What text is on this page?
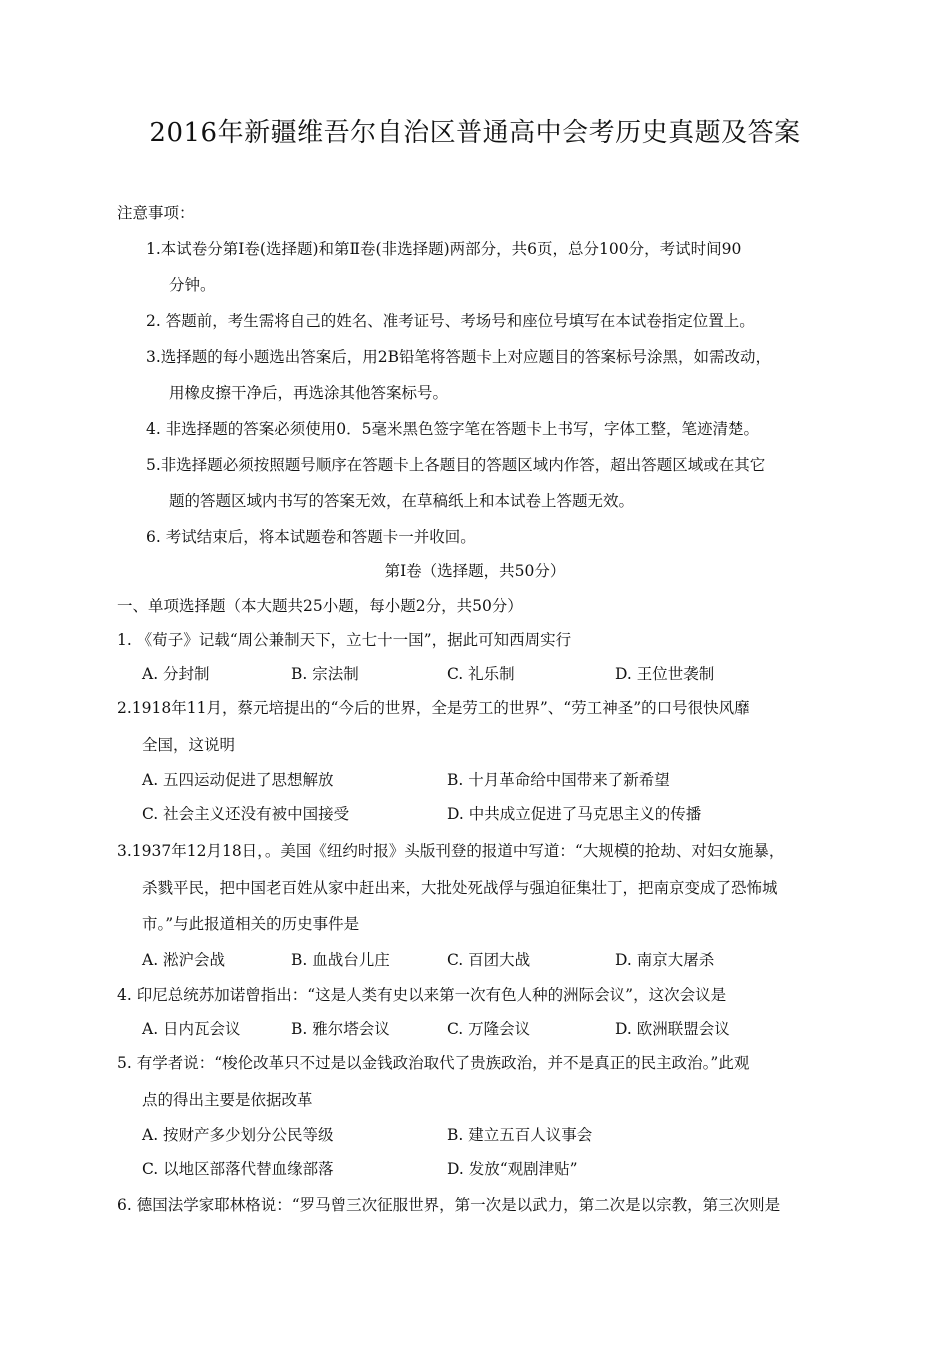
2016年新疆维吾尔自治区普通高中会考历史真题及答案
注意事项：
1.本试卷分第Ⅰ卷(选择题)和第Ⅱ卷(非选择题)两部分，共6页，总分100分，考试时间90
分钟。
2. 答题前，考生需将自己的姓名、准考证号、考场号和座位号填写在本试卷指定位置上。
3.选择题的每小题选出答案后，用2B铅笔将答题卡上对应题目的答案标号涂黑，如需改动，
用橡皮擦干净后，再选涂其他答案标号。
4. 非选择题的答案必须使用0．5毫米黑色签字笔在答题卡上书写，字体工整，笔迹清楚。
5.非选择题必须按照题号顺序在答题卡上各题目的答题区域内作答，超出答题区域或在其它
题的答题区域内书写的答案无效，在草稿纸上和本试卷上答题无效。
6. 考试结束后，将本试题卷和答题卡一并收回。
第Ⅰ卷（选择题，共50分）
一、单项选择题（本大题共25小题，每小题2分，共50分）
1. 《荀子》记载“周公兼制天下，立七十一国”，据此可知西周实行
A. 分封制	B. 宗法制	C. 礼乐制	D. 王位世袭制
2.1918年11月，蔡元培提出的“今后的世界，全是劳工的世界”、“劳工神圣”的口号很快风靡
全国，这说明
A. 五四运动促进了思想解放	B. 十月革命给中国带来了新希望
C. 社会主义还没有被中国接受	D. 中共成立促进了马克思主义的传播
3.1937年12月18日，。美国《纽约时报》头版刊登的报道中写道：“大规模的抢劫、对妇女施暴，
杀戮平民，把中国老百姓从家中赶出来，大批处死战俘与强迫征集壮丁，把南京变成了恐怖城
市。”与此报道相关的历史事件是
A. 淞沪会战	B. 血战台儿庄	C. 百团大战	D. 南京大屠杀
4. 印尼总统苏加诺曾指出：“这是人类有史以来第一次有色人种的洲际会议”，这次会议是
A. 日内瓦会议	B. 雅尔塔会议	C. 万隆会议	D. 欧洲联盟会议
5. 有学者说：“梭伦改革只不过是以金钱政治取代了贵族政治，并不是真正的民主政治。”此观
点的得出主要是依据改革
A. 按财产多少划分公民等级	B. 建立五百人议事会
C. 以地区部落代替血缘部落	D. 发放“观剧津贴”
6. 德国法学家耶林格说：“罗马曾三次征服世界，第一次是以武力，第二次是以宗教，第三次则是
